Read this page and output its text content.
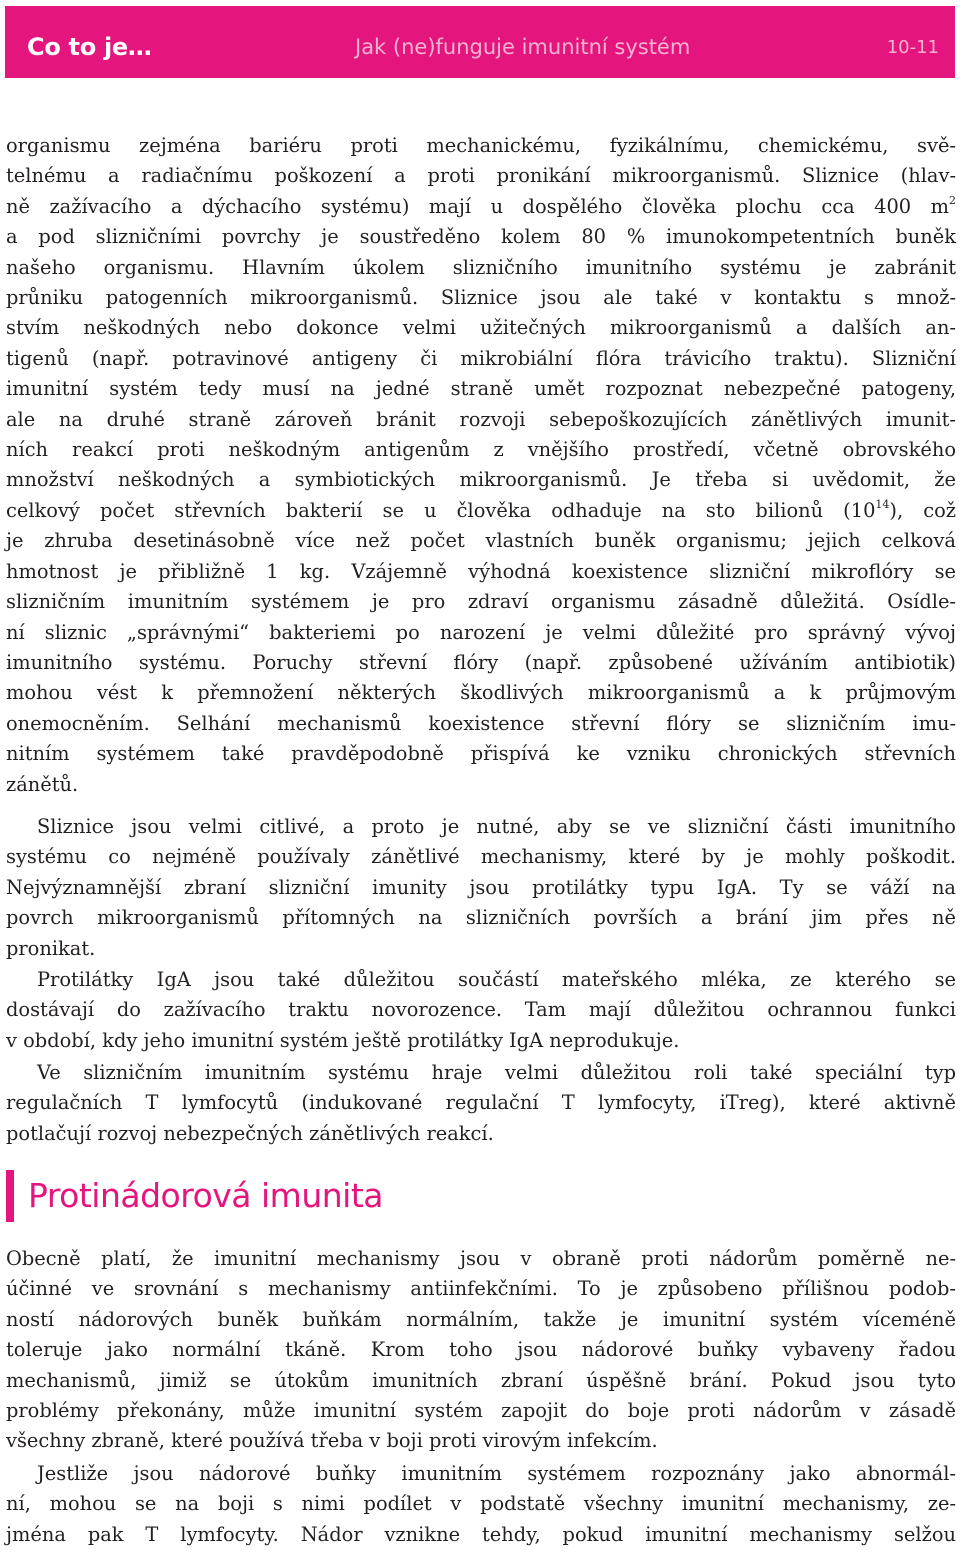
Co to je…	Jak (ne)funguje imunitní systém	10-11
organismu zejména bariéru proti mechanickému, fyzikálnímu, chemickému, svě-
telnému a radiačnímu poškození a proti pronikání mikroorganismů. Sliznice (hlav-
ně zažívacího a dýchacího systému) mají u dospělého člověka plochu cca 400 $m^2$
a pod slizničními povrchy je soustředěno kolem 80 % imunokompetentních buněk
našeho organismu. Hlavním úkolem slizničního imunitního systému je zabránit
průniku patogenních mikroorganismů. Sliznice jsou ale také v kontaktu s množ-
stvím neškodných nebo dokonce velmi užitečných mikroorganismů a dalších an-
tigenů (např. potravinové antigeny či mikrobiální flóra trávicího traktu). Slizniční
imunitní systém tedy musí na jedné straně umět rozpoznat nebezpečné patogeny,
ale na druhé straně zároveň bránit rozvoji sebepoškozujících zánětlivých imunit-
ních reakcí proti neškodným antigenům z vnějšího prostředí, včetně obrovského
množství neškodných a symbiotických mikroorganismů. Je třeba si uvědomit, že
celkový počet střevních bakterií se u člověka odhaduje na sto bilionů $(10^{14})$, což
je zhruba desetinásobně více než počet vlastních buněk organismu; jejich celková
hmotnost je přibližně 1 kg. Vzájemně výhodná koexistence slizniční mikroflóry se
slizničním imunitním systémem je pro zdraví organismu zásadně důležitá. Osídle-
ní sliznic „správnými“ bakteriemi po narození je velmi důležité pro správný vývoj
imunitního systému. Poruchy střevní flóry (např. způsobené užíváním antibiotik)
mohou vést k přemnožení některých škodlivých mikroorganismů a k průjmovým
onemocněním. Selhání mechanismů koexistence střevní flóry se slizničním imu-
nitním systémem také pravděpodobně přispívá ke vzniku chronických střevních
zánětů.
Sliznice jsou velmi citlivé, a proto je nutné, aby se ve slizniční části imunitního
systému co nejméně používaly zánětlivé mechanismy, které by je mohly poškodit.
Nejvýznamnější zbraní slizniční imunity jsou protilátky typu IgA. Ty se váží na
povrch mikroorganismů přítomných na slizničních površích a brání jim přes ně
pronikat.
Protilátky IgA jsou také důležitou součástí mateřského mléka, ze kterého se
dostávají do zažívacího traktu novorozence. Tam mají důležitou ochrannou funkci
v období, kdy jeho imunitní systém ještě protilátky IgA neprodukuje.
Ve slizničním imunitním systému hraje velmi důležitou roli také speciální typ
regulačních T lymfocytů (indukované regulační T lymfocyty, iTreg), které aktivně
potlačují rozvoj nebezpečných zánětlivých reakcí.
Protinádorová imunita
Obecně platí, že imunitní mechanismy jsou v obraně proti nádorům poměrně ne-
účinné ve srovnání s mechanismy antiinfekčními. To je způsobeno přílišnou podob-
ností nádorových buněk buňkám normálním, takže je imunitní systém víceméně
toleruje jako normální tkáně. Krom toho jsou nádorové buňky vybaveny řadou
mechanismů, jimiž se útokům imunitních zbraní úspěšně brání. Pokud jsou tyto
problémy překonány, může imunitní systém zapojit do boje proti nádorům v zásadě
všechny zbraně, které používá třeba v boji proti virovým infekcím.
Jestliže jsou nádorové buňky imunitním systémem rozpoznány jako abnormál-
ní, mohou se na boji s nimi podílet v podstatě všechny imunitní mechanismy, ze-
jména pak T lymfocyty. Nádor vznikne tehdy, pokud imunitní mechanismy selžou
